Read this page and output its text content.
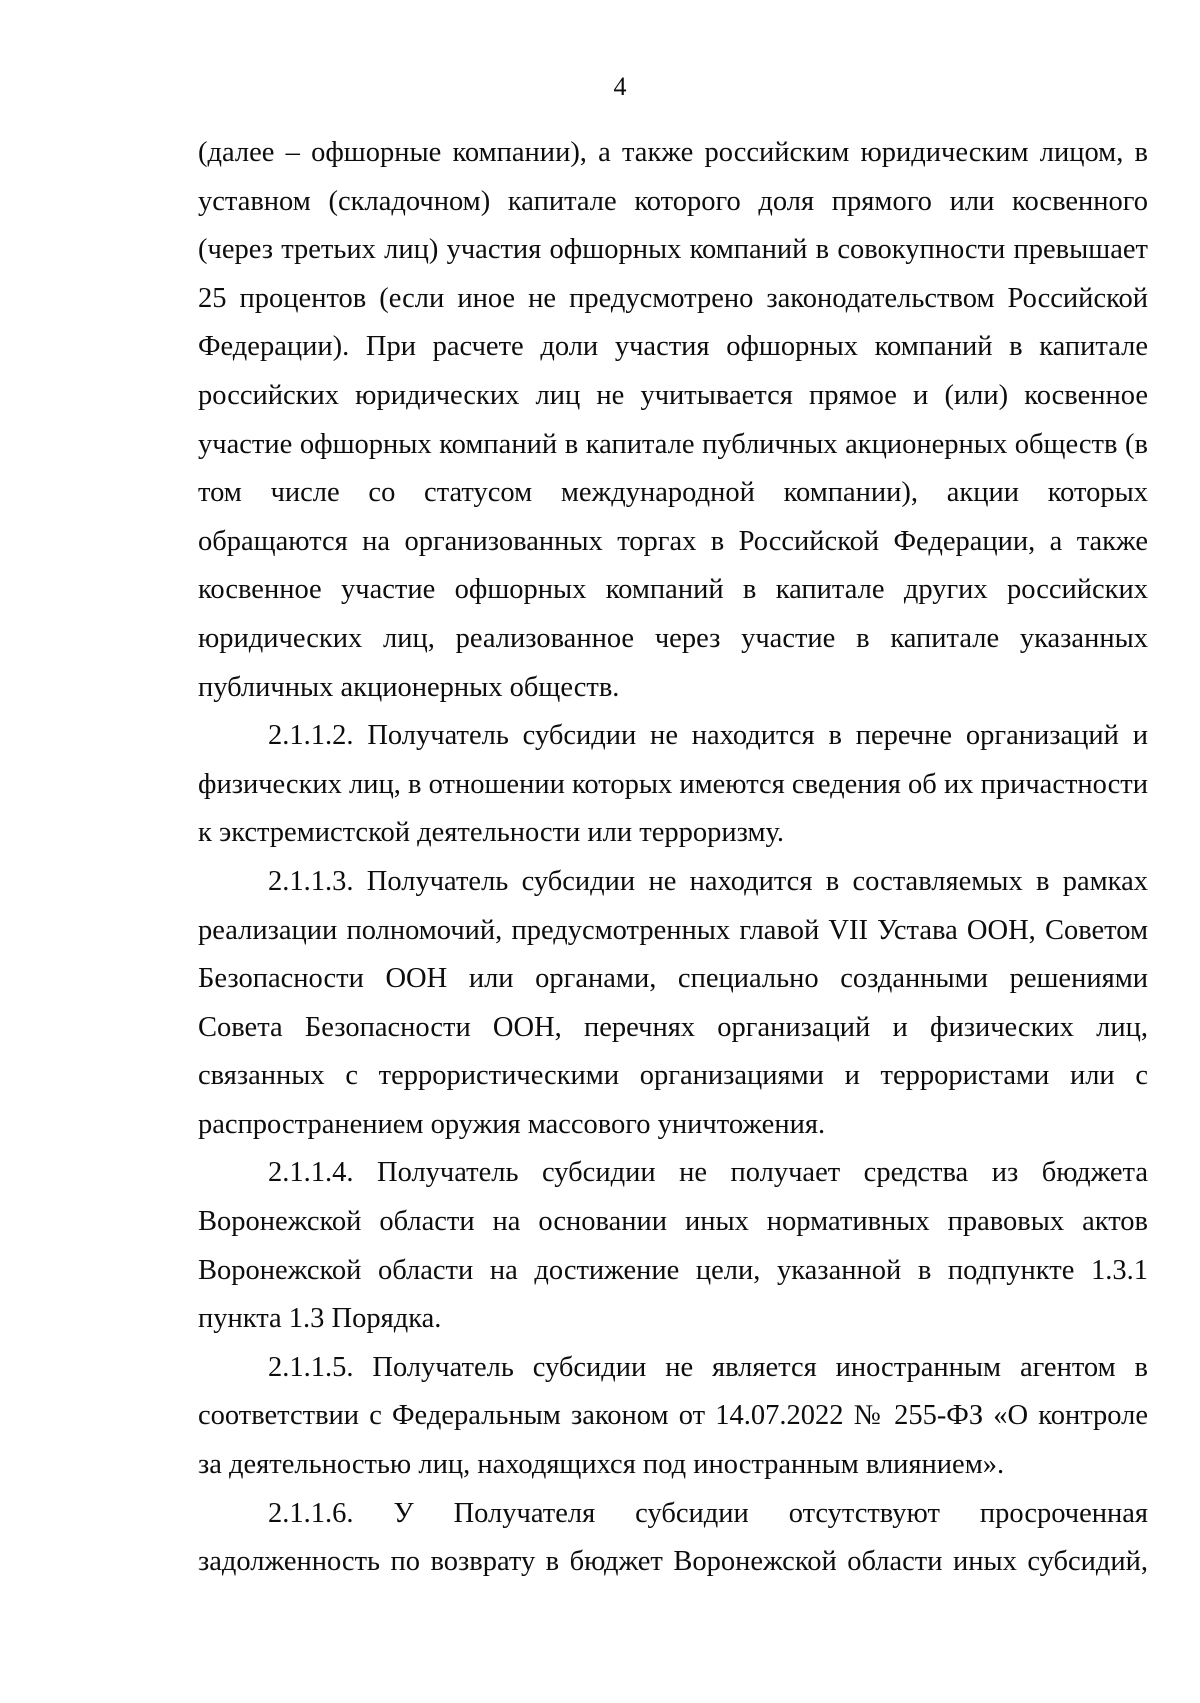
4

(далее – офшорные компании), а также российским юридическим лицом, в уставном (складочном) капитале которого доля прямого или косвенного (через третьих лиц) участия офшорных компаний в совокупности превышает 25 процентов (если иное не предусмотрено законодательством Российской Федерации). При расчете доли участия офшорных компаний в капитале российских юридических лиц не учитывается прямое и (или) косвенное участие офшорных компаний в капитале публичных акционерных обществ (в том числе со статусом международной компании), акции которых обращаются на организованных торгах в Российской Федерации, а также косвенное участие офшорных компаний в капитале других российских юридических лиц, реализованное через участие в капитале указанных публичных акционерных обществ.

2.1.1.2. Получатель субсидии не находится в перечне организаций и физических лиц, в отношении которых имеются сведения об их причастности к экстремистской деятельности или терроризму.

2.1.1.3. Получатель субсидии не находится в составляемых в рамках реализации полномочий, предусмотренных главой VII Устава ООН, Советом Безопасности ООН или органами, специально созданными решениями Совета Безопасности ООН, перечнях организаций и физических лиц, связанных с террористическими организациями и террористами или с распространением оружия массового уничтожения.

2.1.1.4. Получатель субсидии не получает средства из бюджета Воронежской области на основании иных нормативных правовых актов Воронежской области на достижение цели, указанной в подпункте 1.3.1 пункта 1.3 Порядка.

2.1.1.5. Получатель субсидии не является иностранным агентом в соответствии с Федеральным законом от 14.07.2022 № 255-ФЗ «О контроле за деятельностью лиц, находящихся под иностранным влиянием».

2.1.1.6. У Получателя субсидии отсутствуют просроченная задолженность по возврату в бюджет Воронежской области иных субсидий,
